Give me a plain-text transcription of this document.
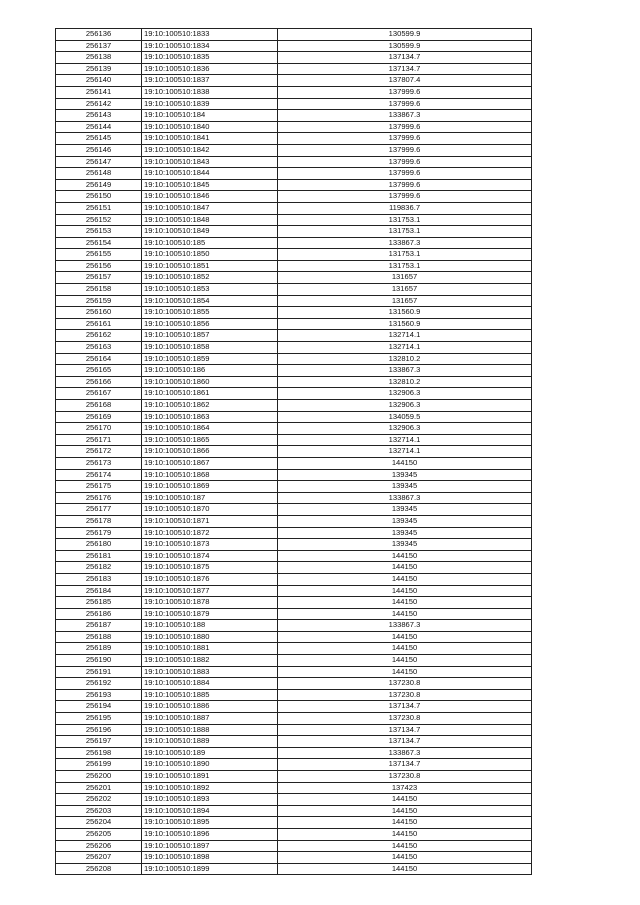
256136	19:10:100510:1833	130599.9
256137	19:10:100510:1834	130599.9
256138	19:10:100510:1835	137134.7
256139	19:10:100510:1836	137134.7
256140	19:10:100510:1837	137807.4
256141	19:10:100510:1838	137999.6
256142	19:10:100510:1839	137999.6
256143	19:10:100510:184	133867.3
256144	19:10:100510:1840	137999.6
256145	19:10:100510:1841	137999.6
256146	19:10:100510:1842	137999.6
256147	19:10:100510:1843	137999.6
256148	19:10:100510:1844	137999.6
256149	19:10:100510:1845	137999.6
256150	19:10:100510:1846	137999.6
256151	19:10:100510:1847	119836.7
256152	19:10:100510:1848	131753.1
256153	19:10:100510:1849	131753.1
256154	19:10:100510:185	133867.3
256155	19:10:100510:1850	131753.1
256156	19:10:100510:1851	131753.1
256157	19:10:100510:1852	131657
256158	19:10:100510:1853	131657
256159	19:10:100510:1854	131657
256160	19:10:100510:1855	131560.9
256161	19:10:100510:1856	131560.9
256162	19:10:100510:1857	132714.1
256163	19:10:100510:1858	132714.1
256164	19:10:100510:1859	132810.2
256165	19:10:100510:186	133867.3
256166	19:10:100510:1860	132810.2
256167	19:10:100510:1861	132906.3
256168	19:10:100510:1862	132906.3
256169	19:10:100510:1863	134059.5
256170	19:10:100510:1864	132906.3
256171	19:10:100510:1865	132714.1
256172	19:10:100510:1866	132714.1
256173	19:10:100510:1867	144150
256174	19:10:100510:1868	139345
256175	19:10:100510:1869	139345
256176	19:10:100510:187	133867.3
256177	19:10:100510:1870	139345
256178	19:10:100510:1871	139345
256179	19:10:100510:1872	139345
256180	19:10:100510:1873	139345
256181	19:10:100510:1874	144150
256182	19:10:100510:1875	144150
256183	19:10:100510:1876	144150
256184	19:10:100510:1877	144150
256185	19:10:100510:1878	144150
256186	19:10:100510:1879	144150
256187	19:10:100510:188	133867.3
256188	19:10:100510:1880	144150
256189	19:10:100510:1881	144150
256190	19:10:100510:1882	144150
256191	19:10:100510:1883	144150
256192	19:10:100510:1884	137230.8
256193	19:10:100510:1885	137230.8
256194	19:10:100510:1886	137134.7
256195	19:10:100510:1887	137230.8
256196	19:10:100510:1888	137134.7
256197	19:10:100510:1889	137134.7
256198	19:10:100510:189	133867.3
256199	19:10:100510:1890	137134.7
256200	19:10:100510:1891	137230.8
256201	19:10:100510:1892	137423
256202	19:10:100510:1893	144150
256203	19:10:100510:1894	144150
256204	19:10:100510:1895	144150
256205	19:10:100510:1896	144150
256206	19:10:100510:1897	144150
256207	19:10:100510:1898	144150
256208	19:10:100510:1899	144150
